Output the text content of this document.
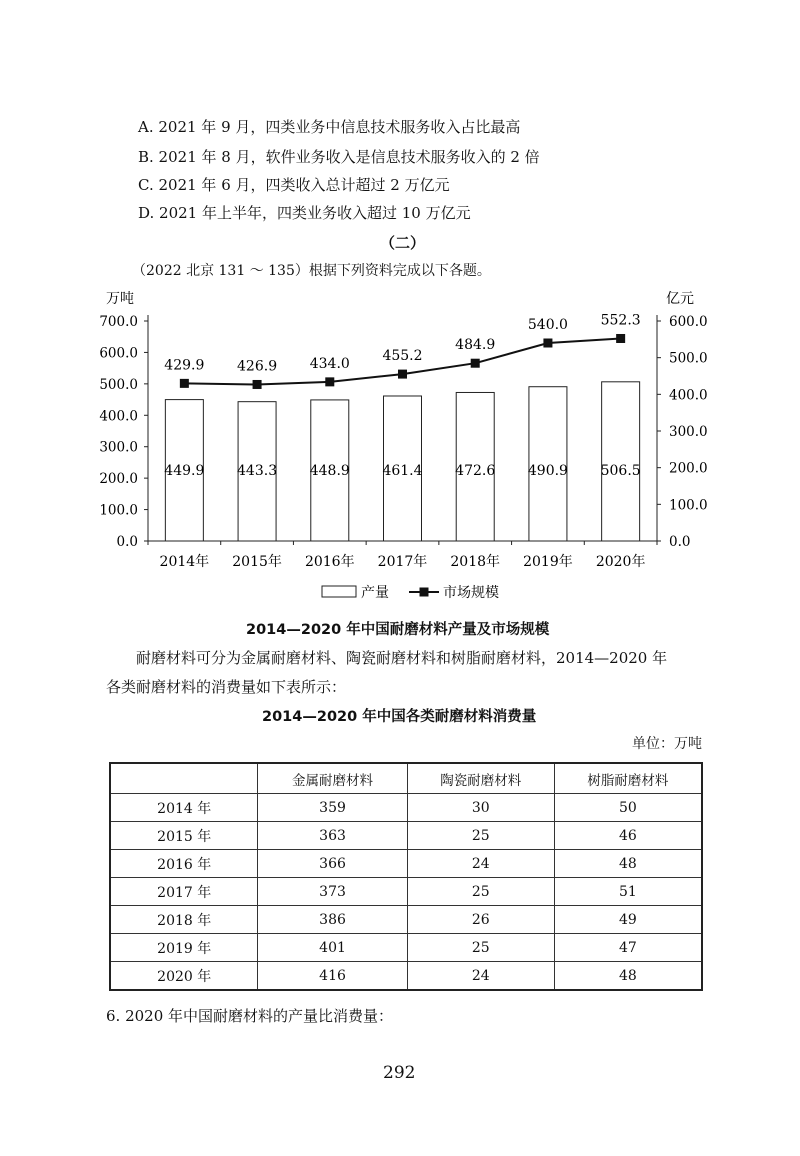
A. 2021 年 9 月，四类业务中信息技术服务收入占比最高
B. 2021 年 8 月，软件业务收入是信息技术服务收入的 2 倍
C. 2021 年 6 月，四类收入总计超过 2 万亿元
D. 2021 年上半年，四类业务收入超过 10 万亿元
（二）
（2022 北京 131 ～ 135）根据下列资料完成以下各题。
万吨	亿元
0.0
100.0
200.0
300.0
400.0
500.0
600.0
700.0
0.0
100.0
200.0
300.0
400.0
500.0
600.0
2014年 2015年 2016年 2017年 2018年 2019年 2020年
449.9 443.3 448.9 461.4 472.6 490.9 506.5
429.9 426.9 434.0 455.2
484.9
540.0 552.3
产量	市场规模
2014—2020 年中国耐磨材料产量及市场规模
耐磨材料可分为金属耐磨材料、陶瓷耐磨材料和树脂耐磨材料，2014—2020 年
各类耐磨材料的消费量如下表所示：
2014—2020 年中国各类耐磨材料消费量
单位：万吨
	金属耐磨材料	陶瓷耐磨材料	树脂耐磨材料
2014 年	359	30	50
2015 年	363	25	46
2016 年	366	24	48
2017 年	373	25	51
2018 年	386	26	49
2019 年	401	25	47
2020 年	416	24	48
6. 2020 年中国耐磨材料的产量比消费量：
292
